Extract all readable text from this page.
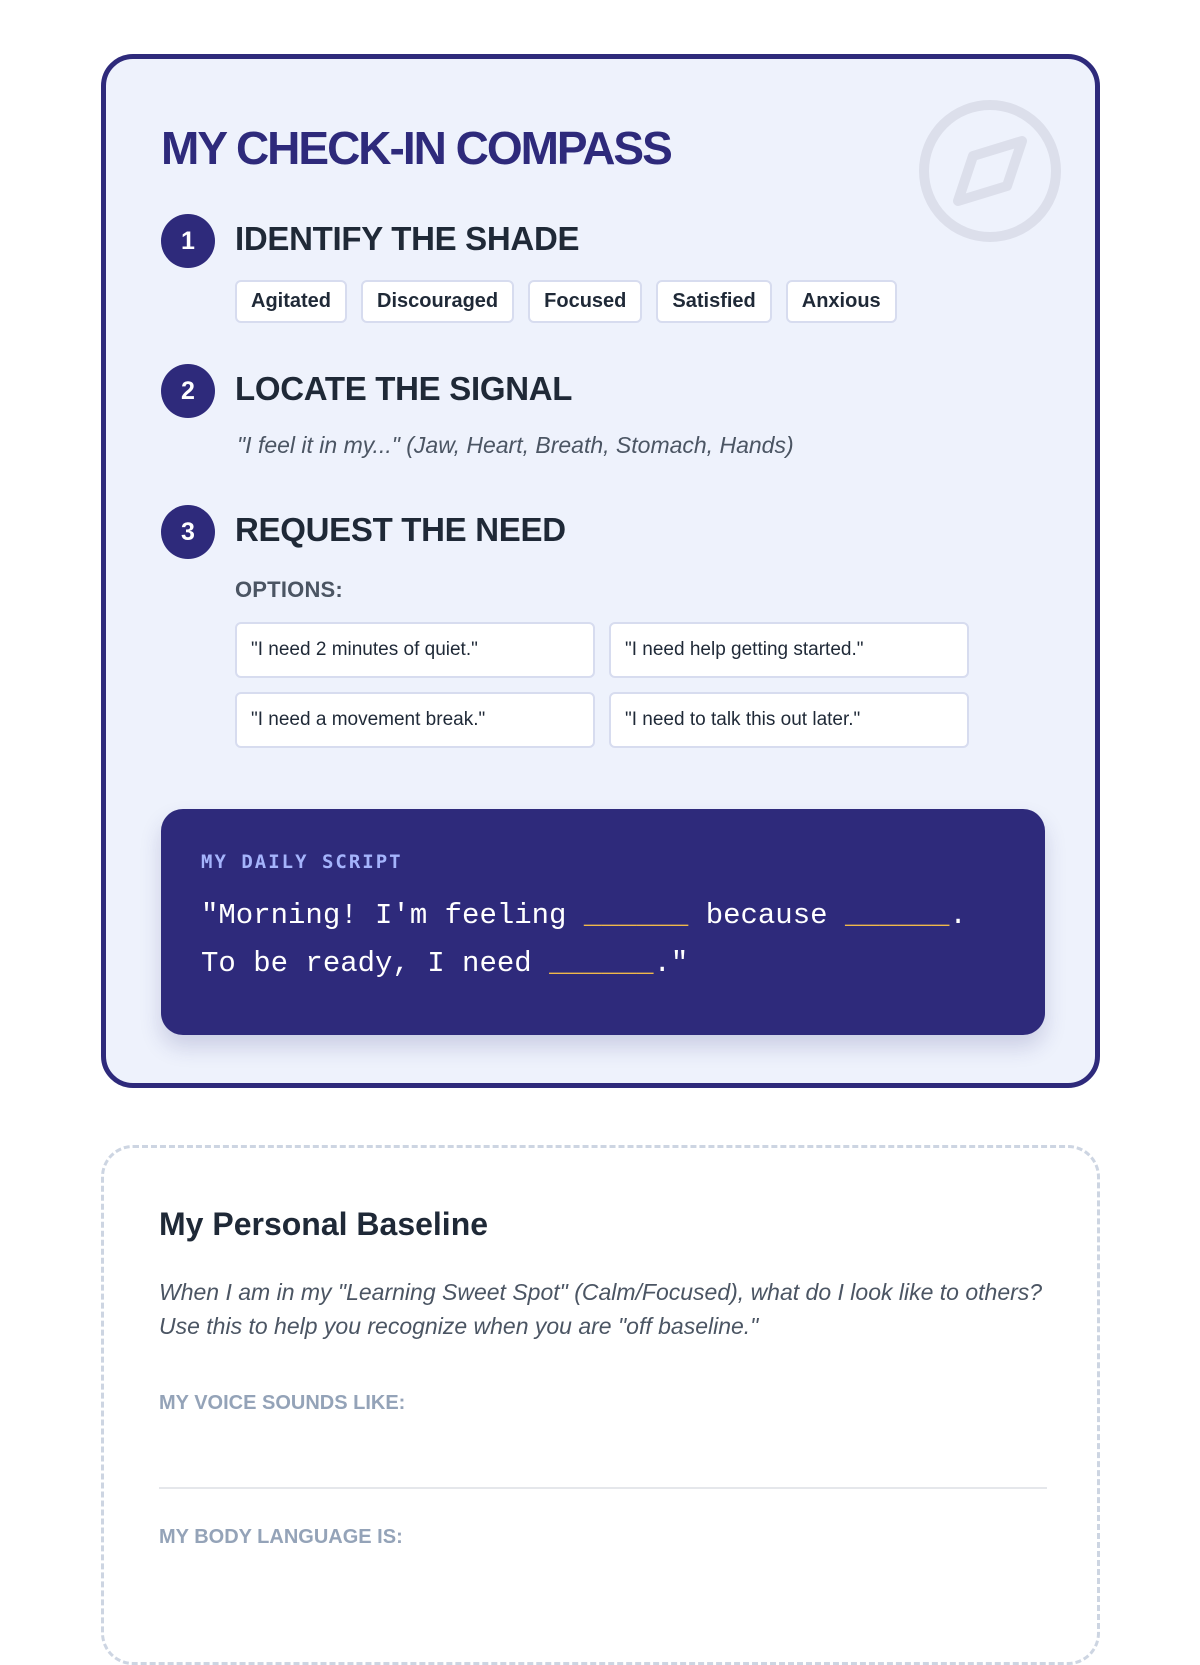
MY CHECK-IN COMPASS
1	IDENTIFY THE SHADE
Agitated	Discouraged	Focused	Satisfied	Anxious
2	LOCATE THE SIGNAL

"I feel it in my..." (Jaw, Heart, Breath, Stomach, Hands)

3	REQUEST THE NEED
OPTIONS:
"I need 2 minutes of quiet."	"I need help getting started."
"I need a movement break."	"I need to talk this out later."
MY DAILY SCRIPT
"Morning! I'm feeling ______ because ______.
To be ready, I need ______."
My Personal Baseline

When I am in my "Learning Sweet Spot" (Calm/Focused), what do I look like to others? Use this to help you recognize when you are "off baseline."

MY VOICE SOUNDS LIKE:
MY BODY LANGUAGE IS:
